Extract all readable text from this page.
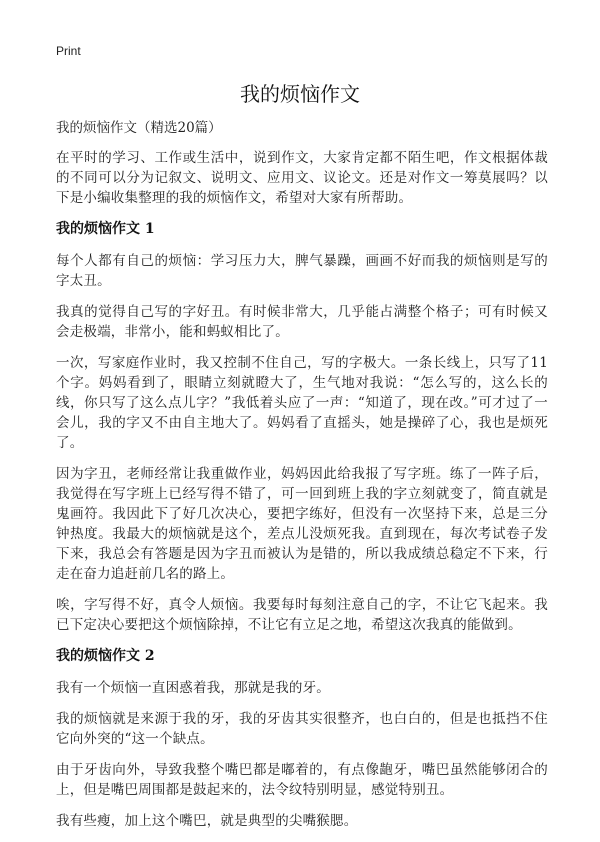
Print
我的烦恼作文
我的烦恼作文（精选20篇）

在平时的学习、工作或生活中，说到作文，大家肯定都不陌生吧，作文根据体裁的不同可以分为记叙文、说明文、应用文、议论文。还是对作文一筹莫展吗？以下是小编收集整理的我的烦恼作文，希望对大家有所帮助。

我的烦恼作文 1

每个人都有自己的烦恼：学习压力大，脾气暴躁，画画不好而我的烦恼则是写的字太丑。

我真的觉得自己写的字好丑。有时候非常大，几乎能占满整个格子；可有时候又会走极端，非常小，能和蚂蚁相比了。

一次，写家庭作业时，我又控制不住自己，写的字极大。一条长线上，只写了11个字。妈妈看到了，眼睛立刻就瞪大了，生气地对我说：“怎么写的，这么长的线，你只写了这么点儿字？”我低着头应了一声：“知道了，现在改。”可才过了一会儿，我的字又不由自主地大了。妈妈看了直摇头，她是操碎了心，我也是烦死了。

因为字丑，老师经常让我重做作业，妈妈因此给我报了写字班。练了一阵子后，我觉得在写字班上已经写得不错了，可一回到班上我的字立刻就变了，简直就是鬼画符。我因此下了好几次决心，要把字练好，但没有一次坚持下来，总是三分钟热度。我最大的烦恼就是这个，差点儿没烦死我。直到现在，每次考试卷子发下来，我总会有答题是因为字丑而被认为是错的，所以我成绩总稳定不下来，行走在奋力追赶前几名的路上。

唉，字写得不好，真令人烦恼。我要每时每刻注意自己的字，不让它飞起来。我已下定决心要把这个烦恼除掉，不让它有立足之地，希望这次我真的能做到。

我的烦恼作文 2

我有一个烦恼一直困惑着我，那就是我的牙。

我的烦恼就是来源于我的牙，我的牙齿其实很整齐，也白白的，但是也抵挡不住它向外突的“这一个缺点。

由于牙齿向外，导致我整个嘴巴都是嘟着的，有点像龅牙，嘴巴虽然能够闭合的上，但是嘴巴周围都是鼓起来的，法令纹特别明显，感觉特别丑。

我有些瘦，加上这个嘴巴，就是典型的尖嘴猴腮。
